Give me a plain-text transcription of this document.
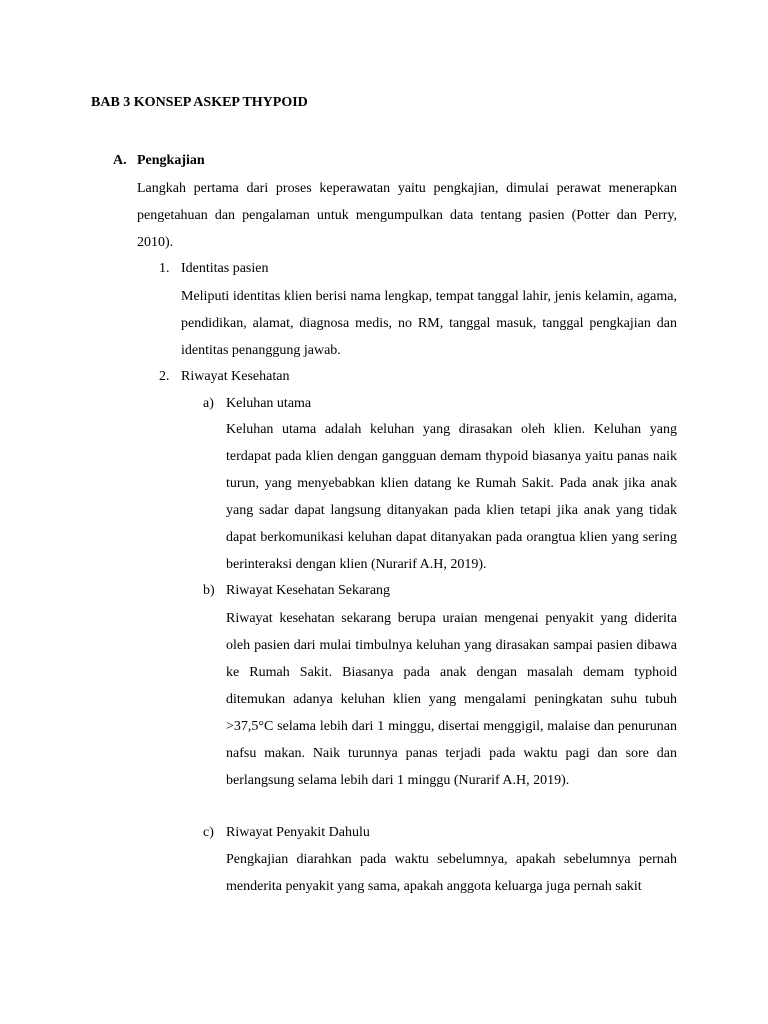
BAB 3 KONSEP ASKEP THYPOID
A. Pengkajian

Langkah pertama dari proses keperawatan yaitu pengkajian, dimulai perawat menerapkan pengetahuan dan pengalaman untuk mengumpulkan data tentang pasien (Potter dan Perry, 2010).

1. Identitas pasien

Meliputi identitas klien berisi nama lengkap, tempat tanggal lahir, jenis kelamin, agama, pendidikan, alamat, diagnosa medis, no RM, tanggal masuk, tanggal pengkajian dan identitas penanggung jawab.

2. Riwayat Kesehatan
a) Keluhan utama

Keluhan utama adalah keluhan yang dirasakan oleh klien. Keluhan yang terdapat pada klien dengan gangguan demam thypoid biasanya yaitu panas naik turun, yang menyebabkan klien datang ke Rumah Sakit. Pada anak jika anak yang sadar dapat langsung ditanyakan pada klien tetapi jika anak yang tidak dapat berkomunikasi keluhan dapat ditanyakan pada orangtua klien yang sering berinteraksi dengan klien (Nurarif A.H, 2019).

b) Riwayat Kesehatan Sekarang

Riwayat kesehatan sekarang berupa uraian mengenai penyakit yang diderita oleh pasien dari mulai timbulnya keluhan yang dirasakan sampai pasien dibawa ke Rumah Sakit. Biasanya pada anak dengan masalah demam typhoid ditemukan adanya keluhan klien yang mengalami peningkatan suhu tubuh >37,5°C selama lebih dari 1 minggu, disertai menggigil, malaise dan penurunan nafsu makan. Naik turunnya panas terjadi pada waktu pagi dan sore dan berlangsung selama lebih dari 1 minggu (Nurarif A.H, 2019).

c) Riwayat Penyakit Dahulu

Pengkajian diarahkan pada waktu sebelumnya, apakah sebelumnya pernah menderita penyakit yang sama, apakah anggota keluarga juga pernah sakit
